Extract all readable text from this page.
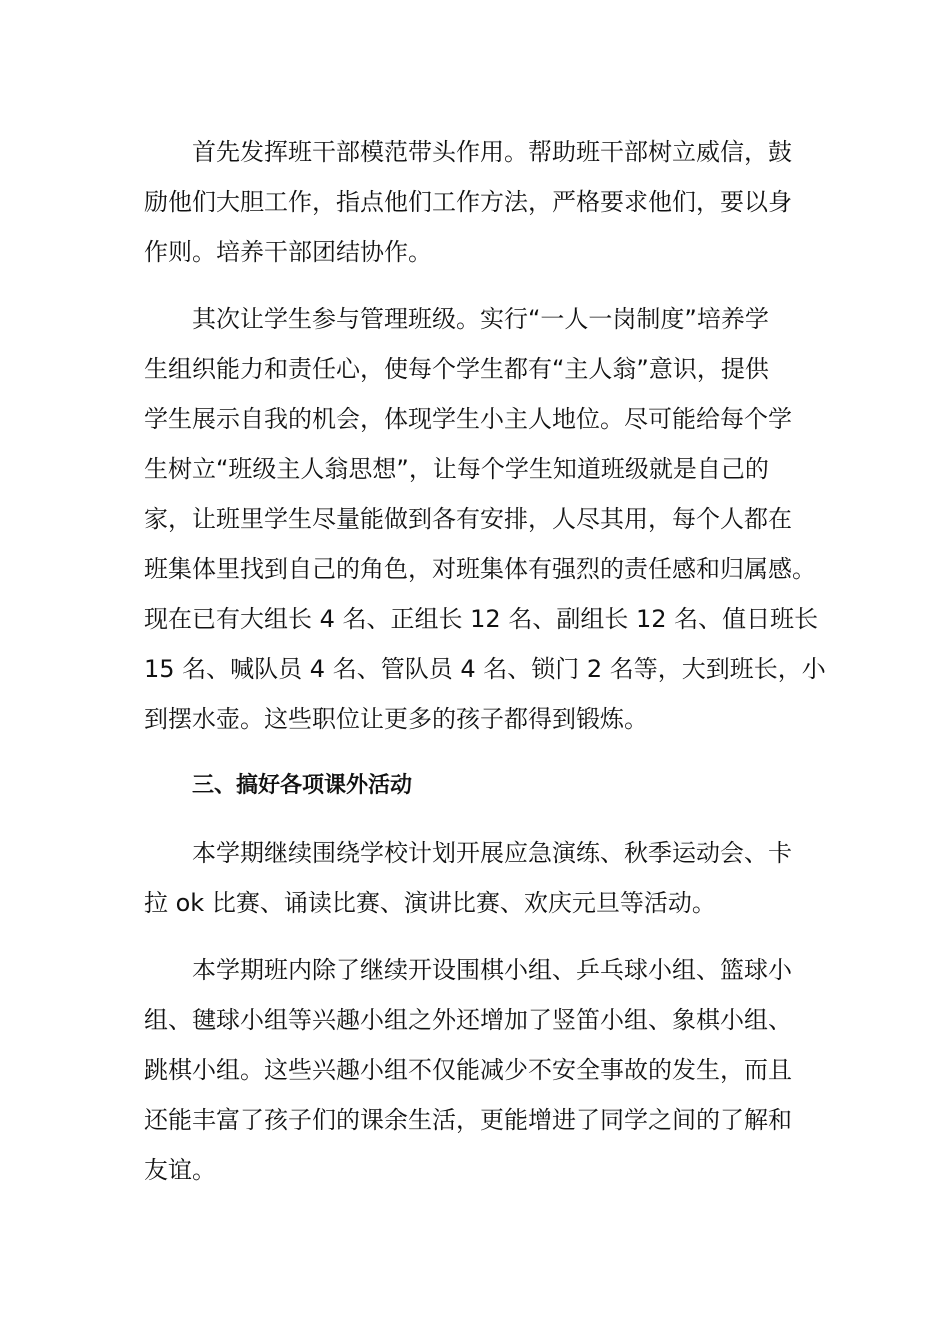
首先发挥班干部模范带头作用。帮助班干部树立威信，鼓
励他们大胆工作，指点他们工作方法，严格要求他们，要以身
作则。培养干部团结协作。

其次让学生参与管理班级。实行“一人一岗制度”培养学
生组织能力和责任心，使每个学生都有“主人翁”意识，提供
学生展示自我的机会，体现学生小主人地位。尽可能给每个学
生树立“班级主人翁思想”，让每个学生知道班级就是自己的
家，让班里学生尽量能做到各有安排，人尽其用，每个人都在
班集体里找到自己的角色，对班集体有强烈的责任感和归属感。
现在已有大组长 4 名、正组长 12 名、副组长 12 名、值日班长
15 名、喊队员 4 名、管队员 4 名、锁门 2 名等，大到班长，小
到摆水壶。这些职位让更多的孩子都得到锻炼。

三、搞好各项课外活动

本学期继续围绕学校计划开展应急演练、秋季运动会、卡
拉 ok 比赛、诵读比赛、演讲比赛、欢庆元旦等活动。

本学期班内除了继续开设围棋小组、乒乓球小组、篮球小
组、毽球小组等兴趣小组之外还增加了竖笛小组、象棋小组、
跳棋小组。这些兴趣小组不仅能减少不安全事故的发生，而且
还能丰富了孩子们的课余生活，更能增进了同学之间的了解和
友谊。
